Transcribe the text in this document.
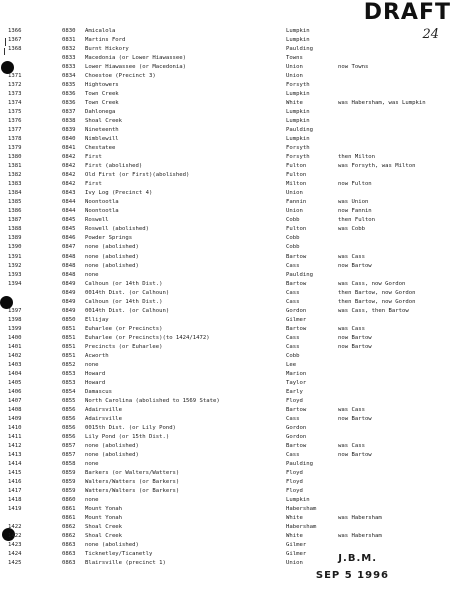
DRAFT
24
1366	0830 Amicalola	Lumpkin
1367	0831 Martins Ford	Lumpkin
1368	0832 Burnt Hickory	Paulding
0833 Macedonia (or Lower Hiawassee)	Towns
0833 Lower Hiawassee (or Macedonia)	Union	now Towns
1371	0834 Choestoe (Precinct 3)	Union
1372	0835 Hightowers	Forsyth
1373	0836 Town Creek	Lumpkin
1374	0836 Town Creek	White	was Habersham, was Lumpkin
1375	0837 Dahlonega	Lumpkin
1376	0838 Shoal Creek	Lumpkin
1377	0839 Nineteenth	Paulding
1378	0840 Nimblewill	Lumpkin
1379	0841 Chestatee	Forsyth
1380	0842 First	Forsyth	then Milton
1381	0842 First (abolished)	Fulton	was Forsyth, was Milton
1382	0842 Old First (or First)(abolished)	Fulton
1383	0842 First	Milton	now Fulton
1384	0843 Ivy Log (Precinct 4)	Union
1385	0844 Noontootla	Fannin	was Union
1386	0844 Noontootla	Union	now Fannin
1387	0845 Roswell	Cobb	then Fulton
1388	0845 Roswell (abolished)	Fulton	was Cobb
1389	0846 Powder Springs	Cobb
1390	0847 none (abolished)	Cobb
1391	0848 none (abolished)	Bartow	was Cass
1392	0848 none (abolished)	Cass	now Bartow
1393	0848 none	Paulding
1394	0849 Calhoun (or 14th Dist.)	Bartow	was Cass, now Gordon
0849 0014th Dist. (or Calhoun)	Cass	then Bartow, now Gordon
0849 Calhoun (or 14th Dist.)	Cass	then Bartow, now Gordon
1397	0849 0014th Dist. (or Calhoun)	Gordon	was Cass, then Bartow
1398	0850 Ellijay	Gilmer
1399	0851 Euharlee (or Precincts)	Bartow	was Cass
1400	0851 Euharlee (or Precincts)(to 1424/1472)	Cass	now Bartow
1401	0851 Precincts (or Euharlee)	Cass	now Bartow
1402	0851 Acworth	Cobb
1403	0852 none	Lee
1404	0853 Howard	Marion
1405	0853 Howard	Taylor
1406	0854 Damascus	Early
1407	0855 North Carolina (abolished to 1569 State)	Floyd
1408	0856 Adairsville	Bartow	was Cass
1409	0856 Adairsville	Cass	now Bartow
1410	0856 0015th Dist. (or Lily Pond)	Gordon
1411	0856 Lily Pond (or 15th Dist.)	Gordon
1412	0857 none (abolished)	Bartow	was Cass
1413	0857 none (abolished)	Cass	now Bartow
1414	0858 none	Paulding
1415	0859 Barkers (or Walters/Watters)	Floyd
1416	0859 Walters/Watters (or Barkers)	Floyd
1417	0859 Watters/Walters (or Barkers)	Floyd
1418	0860 none	Lumpkin
1419	0861 Mount Yonah	Habersham
0861 Mount Yonah	White	was Habersham
1422	0862 Shoal Creek	Habersham
1422	0862 Shoal Creek	White	was Habersham
1423	0863 none (abolished)	Gilmer
1424	0863 Ticknetley/Ticanetly	Gilmer
1425	0863 Blairsville (precinct 1)	Union	J.B.M.
SEP 5 1996
